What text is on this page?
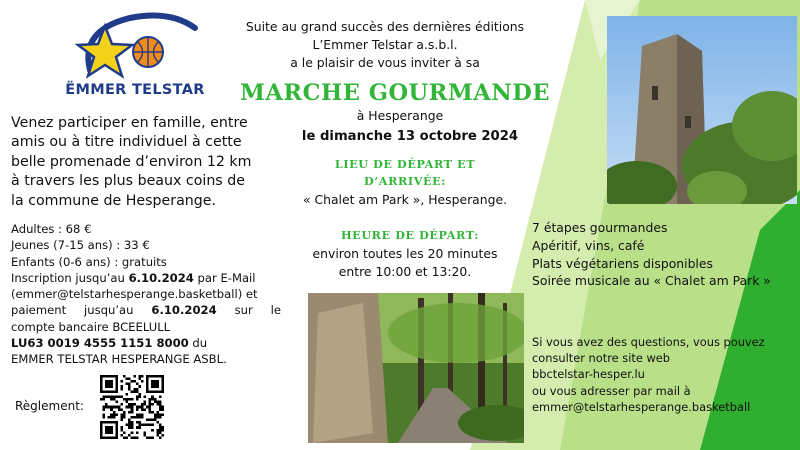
ËMMER TELSTAR
Venez participer en famille, entre
amis ou à titre individuel à cette
belle promenade d’environ 12 km
à travers les plus beaux coins de
la commune de Hesperange.
Adultes : 68 €
Jeunes (7-15 ans) : 33 €
Enfants (0-6 ans) : gratuits
Inscription jusqu’au 6.10.2024 par E-Mail
(emmer@telstarhesperange.basketball) et
paiement jusqu’au 6.10.2024 sur le
compte bancaire BCEELULL
LU63 0019 4555 1151 8000 du
EMMER TELSTAR HESPERANGE ASBL.
Règlement:
Suite au grand succès des dernières éditions
L’Emmer Telstar a.s.b.l.
a le plaisir de vous inviter à sa
MARCHE GOURMANDE
à Hesperange
le dimanche 13 octobre 2024
LIEU DE DÉPART ET
D’ARRIVÉE:
« Chalet am Park », Hesperange.
HEURE DE DÉPART:
environ toutes les 20 minutes
entre 10:00 et 13:20.
7 étapes gourmandes
Apéritif, vins, café
Plats végétariens disponibles
Soirée musicale au « Chalet am Park »
Si vous avez des questions, vous pouvez
consulter notre site web
bbctelstar-hesper.lu
ou vous adresser par mail à
emmer@telstarhesperange.basketball
